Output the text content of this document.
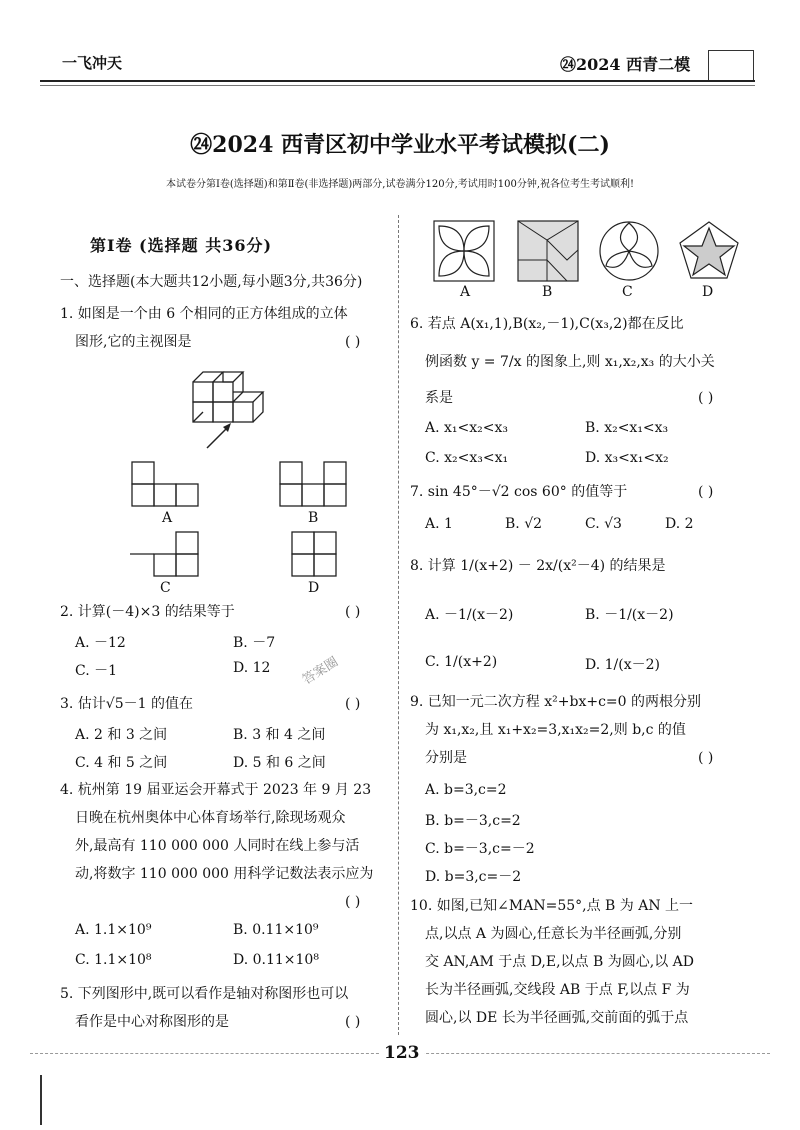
一飞冲天	㉔2024 西青二模
㉔2024 西青区初中学业水平考试模拟(二)
本试卷分第Ⅰ卷(选择题)和第Ⅱ卷(非选择题)两部分,试卷满分120分,考试用时100分钟,祝各位考生考试顺利!
第Ⅰ卷 (选择题 共36分)
一、选择题(本大题共12小题,每小题3分,共36分)
1. 如图是一个由 6 个相同的正方体组成的立体
图形,它的主视图是	( )
A	B
C	D
2. 计算(－4)×3 的结果等于	( )
A. －12	B. －7
C. －1	D. 12
3. 估计√5－1 的值在	( )
A. 2 和 3 之间	B. 3 和 4 之间
C. 4 和 5 之间	D. 5 和 6 之间
4. 杭州第 19 届亚运会开幕式于 2023 年 9 月 23
日晚在杭州奥体中心体育场举行,除现场观众
外,最高有 110 000 000 人同时在线上参与活
动,将数字 110 000 000 用科学记数法表示应为
( )
A. 1.1×10⁹	B. 0.11×10⁹
C. 1.1×10⁸	D. 0.11×10⁸
5. 下列图形中,既可以看作是轴对称图形也可以
看作是中心对称图形的是	( )
A	B	C	D
6. 若点 A(x₁,1),B(x₂,－1),C(x₃,2)都在反比
例函数 y = 7/x 的图象上,则 x₁,x₂,x₃ 的大小关
系是	( )
A. x₁<x₂<x₃	B. x₂<x₁<x₃
C. x₂<x₃<x₁	D. x₃<x₁<x₂
7. sin 45°－√2 cos 60° 的值等于	( )
A. 1	B. √2	C. √3	D. 2
8. 计算 1/(x+2) － 2x/(x²－4) 的结果是
A. －1/(x－2)	B. －1/(x－2)
C. 1/(x+2)	D. 1/(x－2)
9. 已知一元二次方程 x²+bx+c=0 的两根分别
为 x₁,x₂,且 x₁+x₂=3,x₁x₂=2,则 b,c 的值
分别是	( )
A. b=3,c=2
B. b=－3,c=2
C. b=－3,c=－2
D. b=3,c=－2
10. 如图,已知∠MAN=55°,点 B 为 AN 上一
点,以点 A 为圆心,任意长为半径画弧,分别
交 AN,AM 于点 D,E,以点 B 为圆心,以 AD
长为半径画弧,交线段 AB 于点 F,以点 F 为
圆心,以 DE 长为半径画弧,交前面的弧于点
答案圈
123
